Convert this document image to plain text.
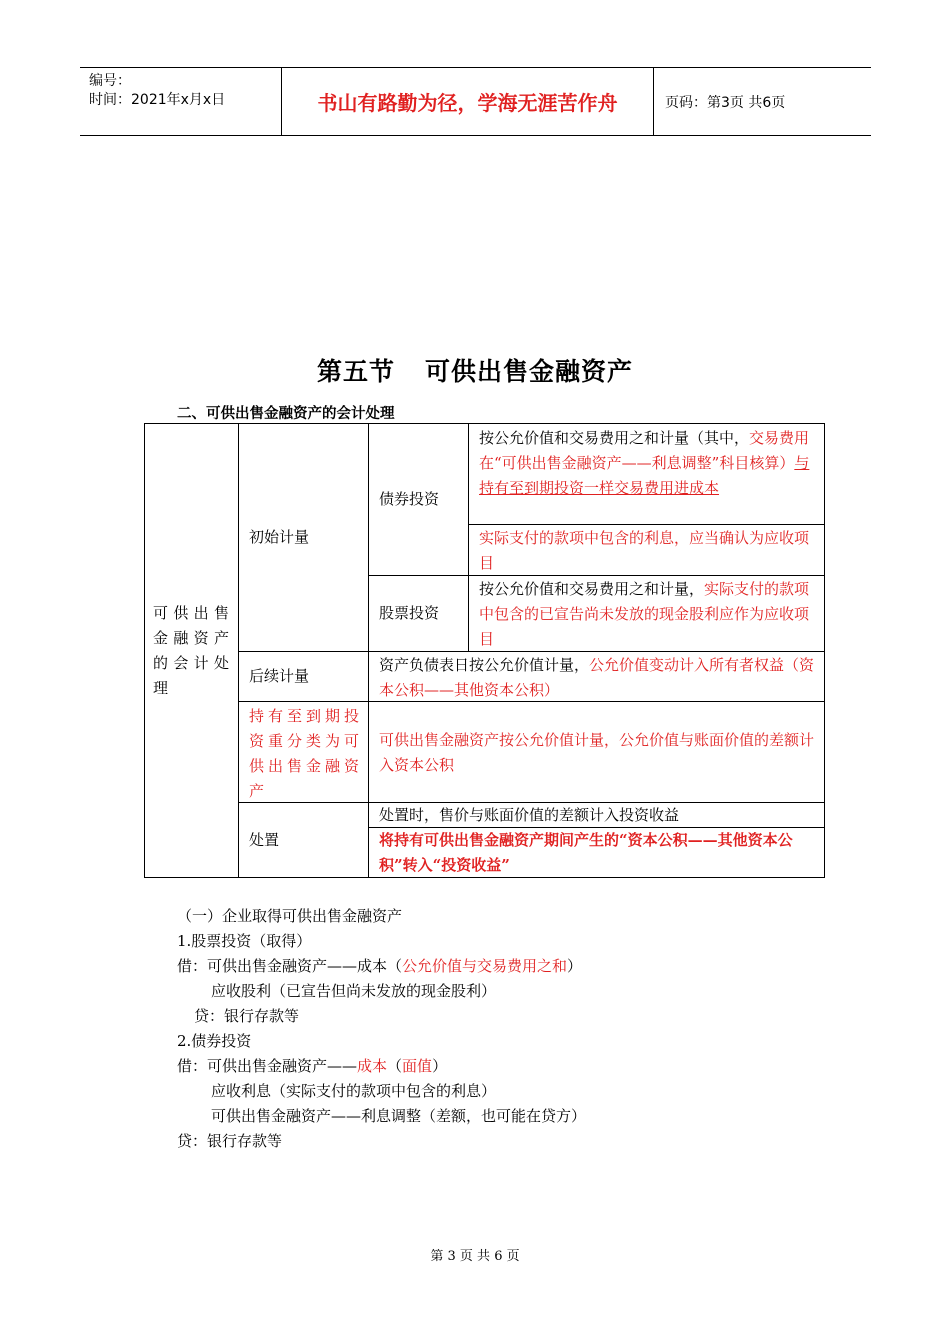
编号：
时间：2021年x月x日	书山有路勤为径，学海无涯苦作舟	页码：第3页 共6页
第五节 可供出售金融资产
二、可供出售金融资产的会计处理
可供出售金融资产的会计处理
初始计量
债券投资
按公允价值和交易费用之和计量（其中，交易费用在“可供出售金融资产——利息调整”科目核算）与持有至到期投资一样交易费用进成本
实际支付的款项中包含的利息，应当确认为应收项目
股票投资
按公允价值和交易费用之和计量，实际支付的款项中包含的已宣告尚未发放的现金股利应作为应收项目
后续计量
资产负债表日按公允价值计量，公允价值变动计入所有者权益（资本公积——其他资本公积）
持有至到期投资重分类为可供出售金融资产
可供出售金融资产按公允价值计量，公允价值与账面价值的差额计入资本公积
处置
处置时，售价与账面价值的差额计入投资收益
将持有可供出售金融资产期间产生的“资本公积——其他资本公积”转入“投资收益”
（一）企业取得可供出售金融资产
1.股票投资（取得）
借：可供出售金融资产——成本（公允价值与交易费用之和）
应收股利（已宣告但尚未发放的现金股利）
贷：银行存款等
2.债券投资
借：可供出售金融资产——成本（面值）
应收利息（实际支付的款项中包含的利息）
可供出售金融资产——利息调整（差额，也可能在贷方）
贷：银行存款等
第 3 页 共 6 页
